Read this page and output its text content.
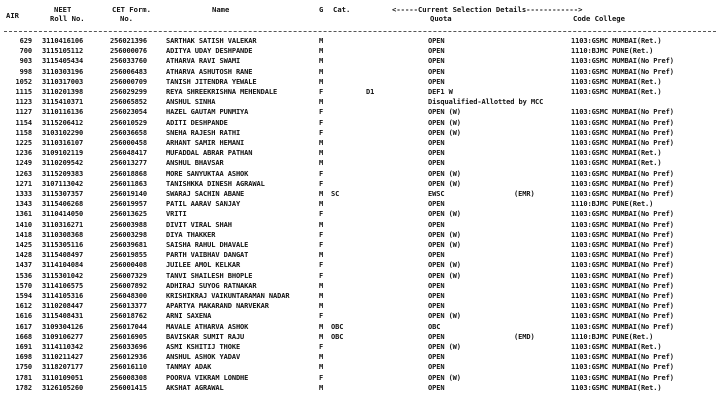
AIR
NEET
Roll No.
CET Form.
No.
Name	G Cat.	<-----Current Selection Details------------>
Quota	Code College
629 3110416106	256021396	SARTHAK SATISH VALEKAR	M	OPEN	1103:GSMC MUMBAI(Ret.)
700 3115105112	256000076	ADITYA UDAY DESHPANDE	M	OPEN	1110:BJMC PUNE(Ret.)
903 3115405434	256033760	ATHARVA RAVI SWAMI	M	OPEN	1103:GSMC MUMBAI(No Pref)
998 3110303196	256006483	ATHARVA ASHUTOSH RANE	M	OPEN	1103:GSMC MUMBAI(No Pref)
1052 3110317003	256000709	TANISH JITENDRA YEWALE	M	OPEN	1103:GSMC MUMBAI(Ret.)
1115 3110201398	256029299	REYA SHREEKRISHNA MEHENDALE	F	D1	DEF1 W	1103:GSMC MUMBAI(Ret.)
1123 3115410371	256065852	ANSHUL SINHA	M	Disqualified-Allotted by MCC
1127 3110116136	256023054	HAZEL GAUTAM PUNMIYA	F	OPEN (W)	1103:GSMC MUMBAI(No Pref)
1154 3115206412	256010529	ADITI DESHPANDE	F	OPEN (W)	1103:GSMC MUMBAI(No Pref)
1158 3103102290	256036658	SNEHA RAJESH RATHI	F	OPEN (W)	1103:GSMC MUMBAI(No Pref)
1225 3110316107	256000458	ARHANT SAMIR HEMANI	M	OPEN	1103:GSMC MUMBAI(No Pref)
1236 3109102119	256048417	MUFADDAL ABRAR PATHAN	M	OPEN	1103:GSMC MUMBAI(Ret.)
1249 3110209542	256013277	ANSHUL BHAVSAR	M	OPEN	1103:GSMC MUMBAI(Ret.)
1263 3115209383	256018868	MORE SANYUKTAA ASHOK	F	OPEN (W)	1103:GSMC MUMBAI(No Pref)
1271 3107113042	256011863	TANISHKKA DINESH AGRAWAL	F	OPEN (W)	1103:GSMC MUMBAI(No Pref)
1333 3115307357	256019140	SWARAJ SACHIN ABANE	M SC	EWSC	(EMR)	1103:GSMC MUMBAI(No Pref)
1343 3115406268	256019957	PATIL AARAV SANJAY	M	OPEN	1110:BJMC PUNE(Ret.)
1361 3110414050	256013625	VRITI	F	OPEN (W)	1103:GSMC MUMBAI(No Pref)
1410 3110316271	256003988	DIVIT VIRAL SHAH	M	OPEN	1103:GSMC MUMBAI(No Pref)
1418 3110308368	256003298	DIYA THAKKER	F	OPEN (W)	1103:GSMC MUMBAI(No Pref)
1425 3115305116	256039681	SAISHA RAHUL DHAVALE	F	OPEN (W)	1103:GSMC MUMBAI(No Pref)
1428 3115408497	256019855	PARTH VAIBHAV DANGAT	M	OPEN	1103:GSMC MUMBAI(No Pref)
1437 3114104084	256000408	JUILEE AMOL KELKAR	F	OPEN (W)	1103:GSMC MUMBAI(No Pref)
1536 3115301042	256007329	TANVI SHAILESH BHOPLE	F	OPEN (W)	1103:GSMC MUMBAI(No Pref)
1570 3114106575	256007892	ADHIRAJ SUYOG RATNAKAR	M	OPEN	1103:GSMC MUMBAI(No Pref)
1594 3114105316	256048300	KRISHIKRAJ VAIKUNTARAMAN NADAR	M	OPEN	1103:GSMC MUMBAI(No Pref)
1612 3110208447	256013377	APARTYA MAKARAND NARVEKAR	M	OPEN	1103:GSMC MUMBAI(No Pref)
1616 3115408431	256018762	ARNI SAXENA	F	OPEN (W)	1103:GSMC MUMBAI(No Pref)
1617 3109304126	256017044	MAVALE ATHARVA ASHOK	M OBC	OBC	1103:GSMC MUMBAI(No Pref)
1668 3109106277	256016905	BAVISKAR SUMIT RAJU	M OBC	OPEN	(EMD)	1110:BJMC PUNE(Ret.)
1691 3114110342	256033696	ASMI KSHITIJ THOKE	F	OPEN (W)	1103:GSMC MUMBAI(Ret.)
1698 3110211427	256012936	ANSHUL ASHOK YADAV	M	OPEN	1103:GSMC MUMBAI(No Pref)
1750 3118207177	256016110	TANMAY ADAK	M	OPEN	1103:GSMC MUMBAI(No Pref)
1781 3110109051	256008308	POORVA VIKRAM LONDHE	F	OPEN (W)	1103:GSMC MUMBAI(No Pref)
1782 3126105260	256001415	AKSHAT AGRAWAL	M	OPEN	1103:GSMC MUMBAI(Ret.)
